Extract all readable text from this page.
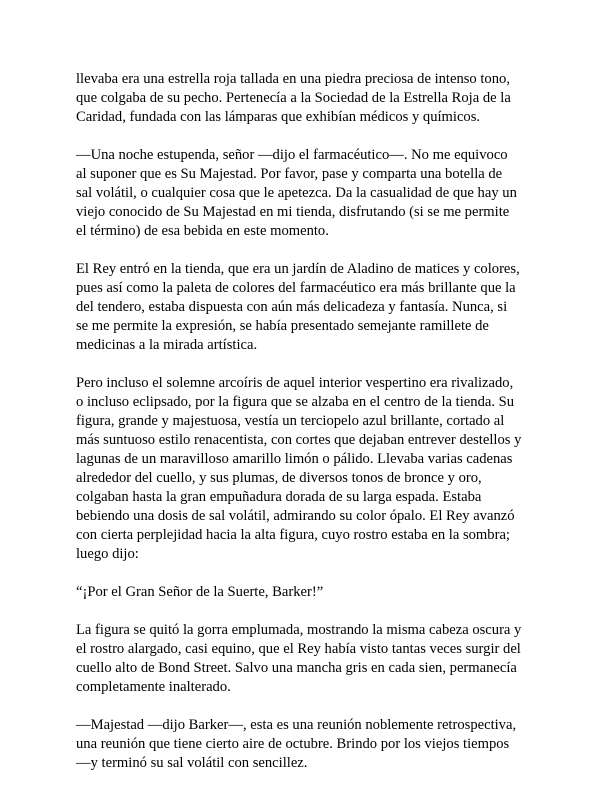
llevaba era una estrella roja tallada en una piedra preciosa de intenso tono,
que colgaba de su pecho. Pertenecía a la Sociedad de la Estrella Roja de la
Caridad, fundada con las lámparas que exhibían médicos y químicos.

—Una noche estupenda, señor —dijo el farmacéutico—. No me equivoco
al suponer que es Su Majestad. Por favor, pase y comparta una botella de
sal volátil, o cualquier cosa que le apetezca. Da la casualidad de que hay un
viejo conocido de Su Majestad en mi tienda, disfrutando (si se me permite
el término) de esa bebida en este momento.

El Rey entró en la tienda, que era un jardín de Aladino de matices y colores,
pues así como la paleta de colores del farmacéutico era más brillante que la
del tendero, estaba dispuesta con aún más delicadeza y fantasía. Nunca, si
se me permite la expresión, se había presentado semejante ramillete de
medicinas a la mirada artística.

Pero incluso el solemne arcoíris de aquel interior vespertino era rivalizado,
o incluso eclipsado, por la figura que se alzaba en el centro de la tienda. Su
figura, grande y majestuosa, vestía un terciopelo azul brillante, cortado al
más suntuoso estilo renacentista, con cortes que dejaban entrever destellos y
lagunas de un maravilloso amarillo limón o pálido. Llevaba varias cadenas
alrededor del cuello, y sus plumas, de diversos tonos de bronce y oro,
colgaban hasta la gran empuñadura dorada de su larga espada. Estaba
bebiendo una dosis de sal volátil, admirando su color ópalo. El Rey avanzó
con cierta perplejidad hacia la alta figura, cuyo rostro estaba en la sombra;
luego dijo:

“¡Por el Gran Señor de la Suerte, Barker!”

La figura se quitó la gorra emplumada, mostrando la misma cabeza oscura y
el rostro alargado, casi equino, que el Rey había visto tantas veces surgir del
cuello alto de Bond Street. Salvo una mancha gris en cada sien, permanecía
completamente inalterado.

—Majestad —dijo Barker—, esta es una reunión noblemente retrospectiva,
una reunión que tiene cierto aire de octubre. Brindo por los viejos tiempos
—y terminó su sal volátil con sencillez.
